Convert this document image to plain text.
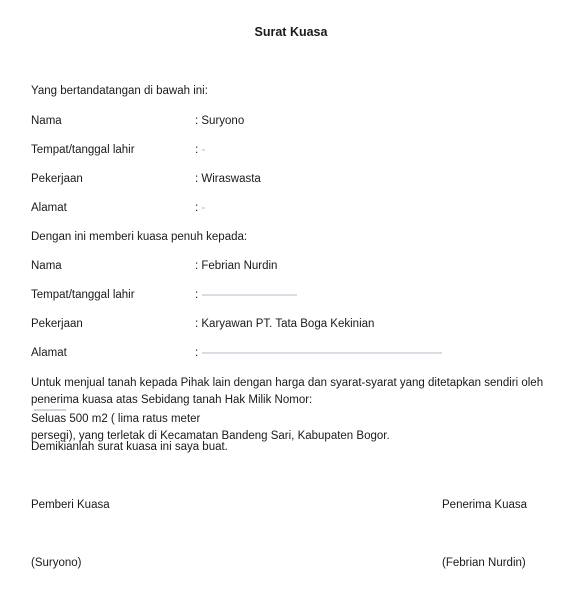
Surat Kuasa
Yang bertandatangan di bawah ini:
Nama	: Suryono
Tempat/tanggal lahir	:
Pekerjaan	: Wiraswasta
Alamat	:
Dengan ini memberi kuasa penuh kepada:
Nama	: Febrian Nurdin
Tempat/tanggal lahir	:
Pekerjaan	: Karyawan PT. Tata Boga Kekinian
Alamat	:
Untuk menjual tanah kepada Pihak lain dengan harga dan syarat-syarat yang ditetapkan sendiri oleh
penerima kuasa atas Sebidang tanah Hak Milik Nomor:
Seluas 500 m2 ( lima ratus meter
persegi), yang terletak di Kecamatan Bandeng Sari, Kabupaten Bogor.
Demikianlah surat kuasa ini saya buat.
Pemberi Kuasa	Penerima Kuasa
(Suryono)	(Febrian Nurdin)
